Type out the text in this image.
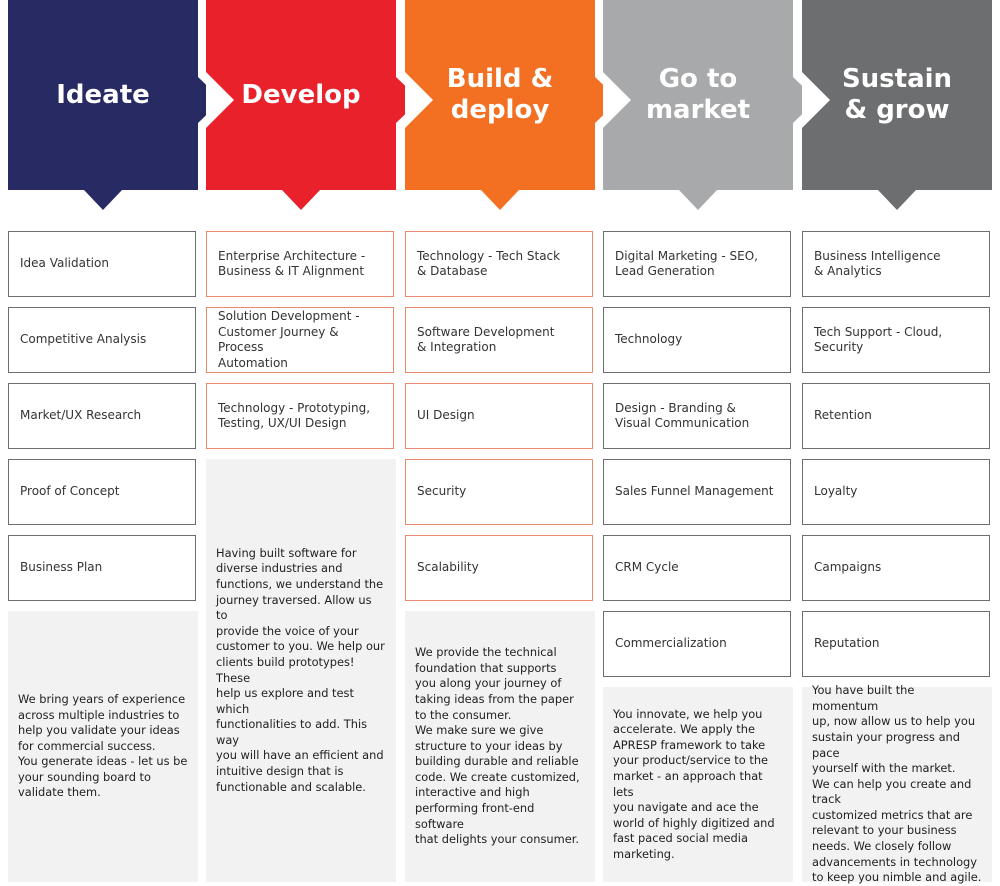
Ideate
Idea Validation
Competitive Analysis
Market/UX Research
Proof of Concept
Business Plan
We bring years of experience
across multiple industries to
help you validate your ideas
for commercial success.
You generate ideas - let us be
your sounding board to
validate them.
Develop
Enterprise Architecture -
Business & IT Alignment
Solution Development -
Customer Journey & Process
Automation
Technology - Prototyping,
Testing, UX/UI Design
Having built software for
diverse industries and
functions, we understand the
journey traversed. Allow us to
provide the voice of your
customer to you. We help our
clients build prototypes! These
help us explore and test which
functionalities to add. This way
you will have an efficient and
intuitive design that is
functionable and scalable.
Build &
deploy
Technology - Tech Stack
& Database
Software Development
& Integration
UI Design
Security
Scalability
We provide the technical
foundation that supports
you along your journey of
taking ideas from the paper
to the consumer.
We make sure we give
structure to your ideas by
building durable and reliable
code. We create customized,
interactive and high
performing front-end software
that delights your consumer.
Go to
market
Digital Marketing - SEO,
Lead Generation
Technology
Design - Branding &
Visual Communication
Sales Funnel Management
CRM Cycle
Commercialization
You innovate, we help you
accelerate. We apply the
APRESP framework to take
your product/service to the
market - an approach that lets
you navigate and ace the
world of highly digitized and
fast paced social media
marketing.
Sustain
& grow
Business Intelligence
& Analytics
Tech Support - Cloud,
Security
Retention
Loyalty
Campaigns
Reputation
You have built the momentum
up, now allow us to help you
sustain your progress and pace
yourself with the market.
We can help you create and
track
customized metrics that are
relevant to your business
needs. We closely follow
advancements in technology
to keep you nimble and agile.
